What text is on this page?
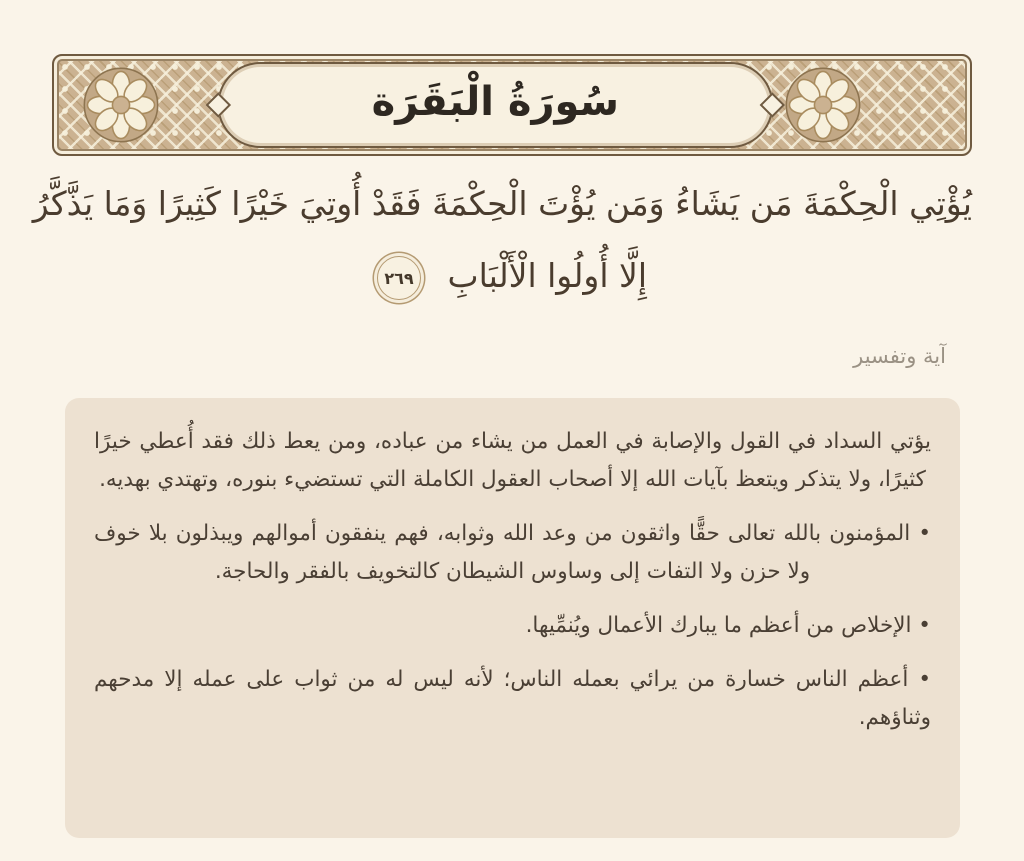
سُورَةُ الْبَقَرَة
يُؤْتِي الْحِكْمَةَ مَن يَشَاءُ وَمَن يُؤْتَ الْحِكْمَةَ فَقَدْ أُوتِيَ خَيْرًا كَثِيرًا وَمَا يَذَّكَّرُ
إِلَّا أُولُوا الْأَلْبَابِ
٢٦٩
آية وتفسير

يؤتي السداد في القول والإصابة في العمل من يشاء من عباده، ومن يعط ذلك فقد أُعطي خيرًا كثيرًا، ولا يتذكر ويتعظ بآيات الله إلا أصحاب العقول الكاملة التي تستضيء بنوره، وتهتدي بهديه.

• المؤمنون بالله تعالى حقًّا واثقون من وعد الله وثوابه، فهم ينفقون أموالهم ويبذلون بلا خوف ولا حزن ولا التفات إلى وساوس الشيطان كالتخويف بالفقر والحاجة.

• الإخلاص من أعظم ما يبارك الأعمال ويُنمِّيها.

• أعظم الناس خسارة من يرائي بعمله الناس؛ لأنه ليس له من ثواب على عمله إلا مدحهم وثناؤهم.
